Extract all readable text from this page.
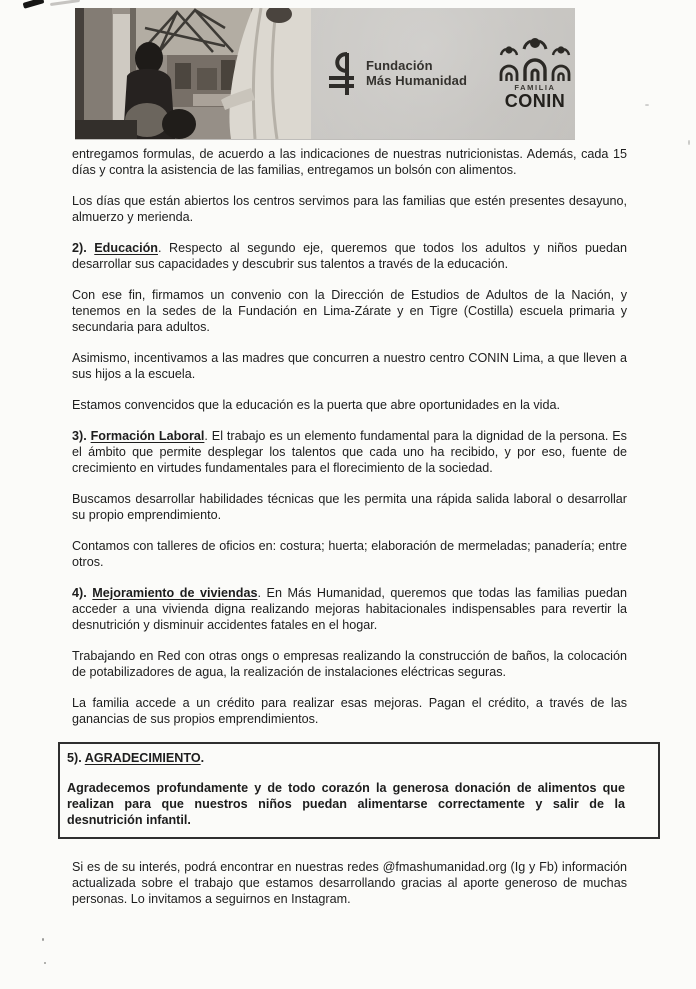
Fundación
Más Humanidad
FAMILIA
CONIN

entregamos formulas, de acuerdo a las indicaciones de nuestras nutricionistas. Además, cada 15 días y contra la asistencia de las familias, entregamos un bolsón con alimentos.

Los días que están abiertos los centros servimos para las familias que estén presentes desayuno, almuerzo y merienda.

2). Educación. Respecto al segundo eje, queremos que todos los adultos y niños puedan desarrollar sus capacidades y descubrir sus talentos a través de la educación.

Con ese fin, firmamos un convenio con la Dirección de Estudios de Adultos de la Nación, y tenemos en la sedes de la Fundación en Lima-Zárate y en Tigre (Costilla) escuela primaria y secundaria para adultos.

Asimismo, incentivamos a las madres que concurren a nuestro centro CONIN Lima, a que lleven a sus hijos a la escuela.

Estamos convencidos que la educación es la puerta que abre oportunidades en la vida.

3). Formación Laboral. El trabajo es un elemento fundamental para la dignidad de la persona. Es el ámbito que permite desplegar los talentos que cada uno ha recibido, y por eso, fuente de crecimiento en virtudes fundamentales para el florecimiento de la sociedad.

Buscamos desarrollar habilidades técnicas que les permita una rápida salida laboral o desarrollar su propio emprendimiento.

Contamos con talleres de oficios en: costura; huerta; elaboración de mermeladas; panadería; entre otros.

4). Mejoramiento de viviendas. En Más Humanidad, queremos que todas las familias puedan acceder a una vivienda digna realizando mejoras habitacionales indispensables para revertir la desnutrición y disminuir accidentes fatales en el hogar.

Trabajando en Red con otras ongs o empresas realizando la construcción de baños, la colocación de potabilizadores de agua, la realización de instalaciones eléctricas seguras.

La familia accede a un crédito para realizar esas mejoras. Pagan el crédito, a través de las ganancias de sus propios emprendimientos.

5). AGRADECIMIENTO.

Agradecemos profundamente y de todo corazón la generosa donación de alimentos que realizan para que nuestros niños puedan alimentarse correctamente y salir de la desnutrición infantil.

Si es de su interés, podrá encontrar en nuestras redes @fmashumanidad.org (Ig y Fb) información actualizada sobre el trabajo que estamos desarrollando gracias al aporte generoso de muchas personas. Lo invitamos a seguirnos en Instagram.
